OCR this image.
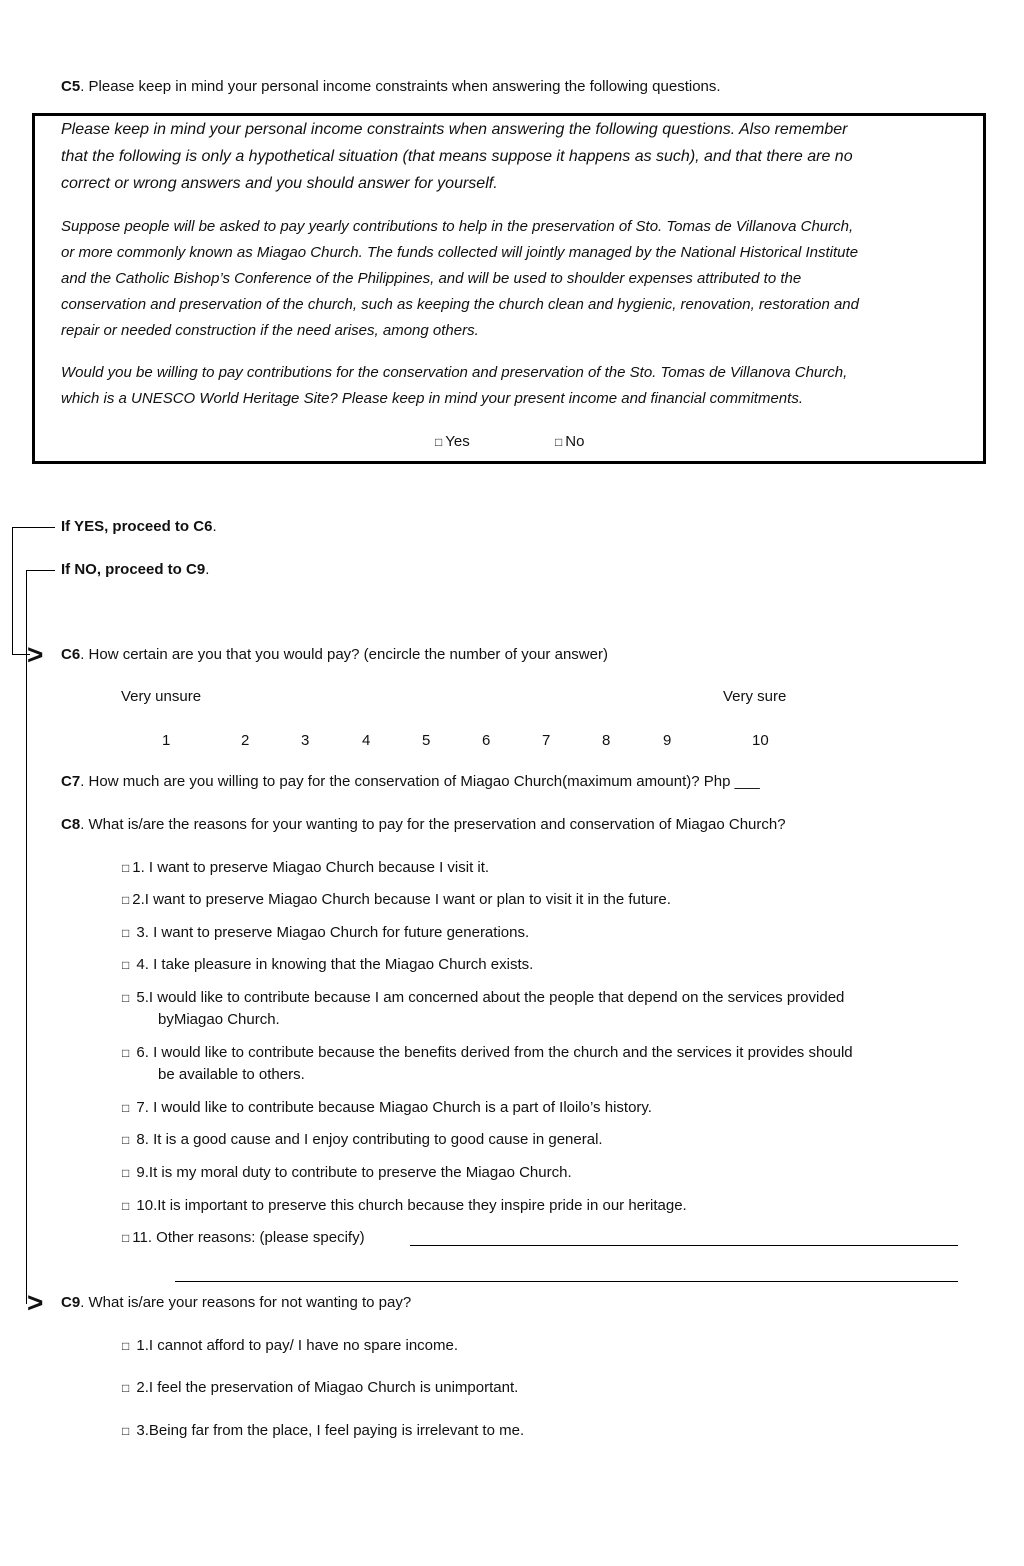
C5. Please keep in mind your personal income constraints when answering the following questions.
Please keep in mind your personal income constraints when answering the following questions. Also remember
that the following is only a hypothetical situation (that means suppose it happens as such), and that there are no
correct or wrong answers and you should answer for yourself.
Suppose people will be asked to pay yearly contributions to help in the preservation of Sto. Tomas de Villanova Church,
or more commonly known as Miagao Church. The funds collected will jointly managed by the National Historical Institute
and the Catholic Bishop’s Conference of the Philippines, and will be used to shoulder expenses attributed to the
conservation and preservation of the church, such as keeping the church clean and hygienic, renovation, restoration and
repair or needed construction if the need arises, among others.
Would you be willing to pay contributions for the conservation and preservation of the Sto. Tomas de Villanova Church,
which is a UNESCO World Heritage Site? Please keep in mind your present income and financial commitments.
□ Yes	□ No
>
>
If YES, proceed to C6.
If NO, proceed to C9.
C6. How certain are you that you would pay? (encircle the number of your answer)
Very unsure	Very sure
1	2	3	4	5	6	7	8	9	10
C7. How much are you willing to pay for the conservation of Miagao Church(maximum amount)? Php ___
C8. What is/are the reasons for your wanting to pay for the preservation and conservation of Miagao Church?
□ 1. I want to preserve Miagao Church because I visit it.
□ 2.I want to preserve Miagao Church because I want or plan to visit it in the future.
□ 3. I want to preserve Miagao Church for future generations.
□ 4. I take pleasure in knowing that the Miagao Church exists.
□ 5.I would like to contribute because I am concerned about the people that depend on the services provided
byMiagao Church.
□ 6. I would like to contribute because the benefits derived from the church and the services it provides should
be available to others.
□ 7. I would like to contribute because Miagao Church is a part of Iloilo’s history.
□ 8. It is a good cause and I enjoy contributing to good cause in general.
□ 9.It is my moral duty to contribute to preserve the Miagao Church.
□ 10.It is important to preserve this church because they inspire pride in our heritage.
□ 11. Other reasons: (please specify)
C9. What is/are your reasons for not wanting to pay?
□ 1.I cannot afford to pay/ I have no spare income.
□ 2.I feel the preservation of Miagao Church is unimportant.
□ 3.Being far from the place, I feel paying is irrelevant to me.
